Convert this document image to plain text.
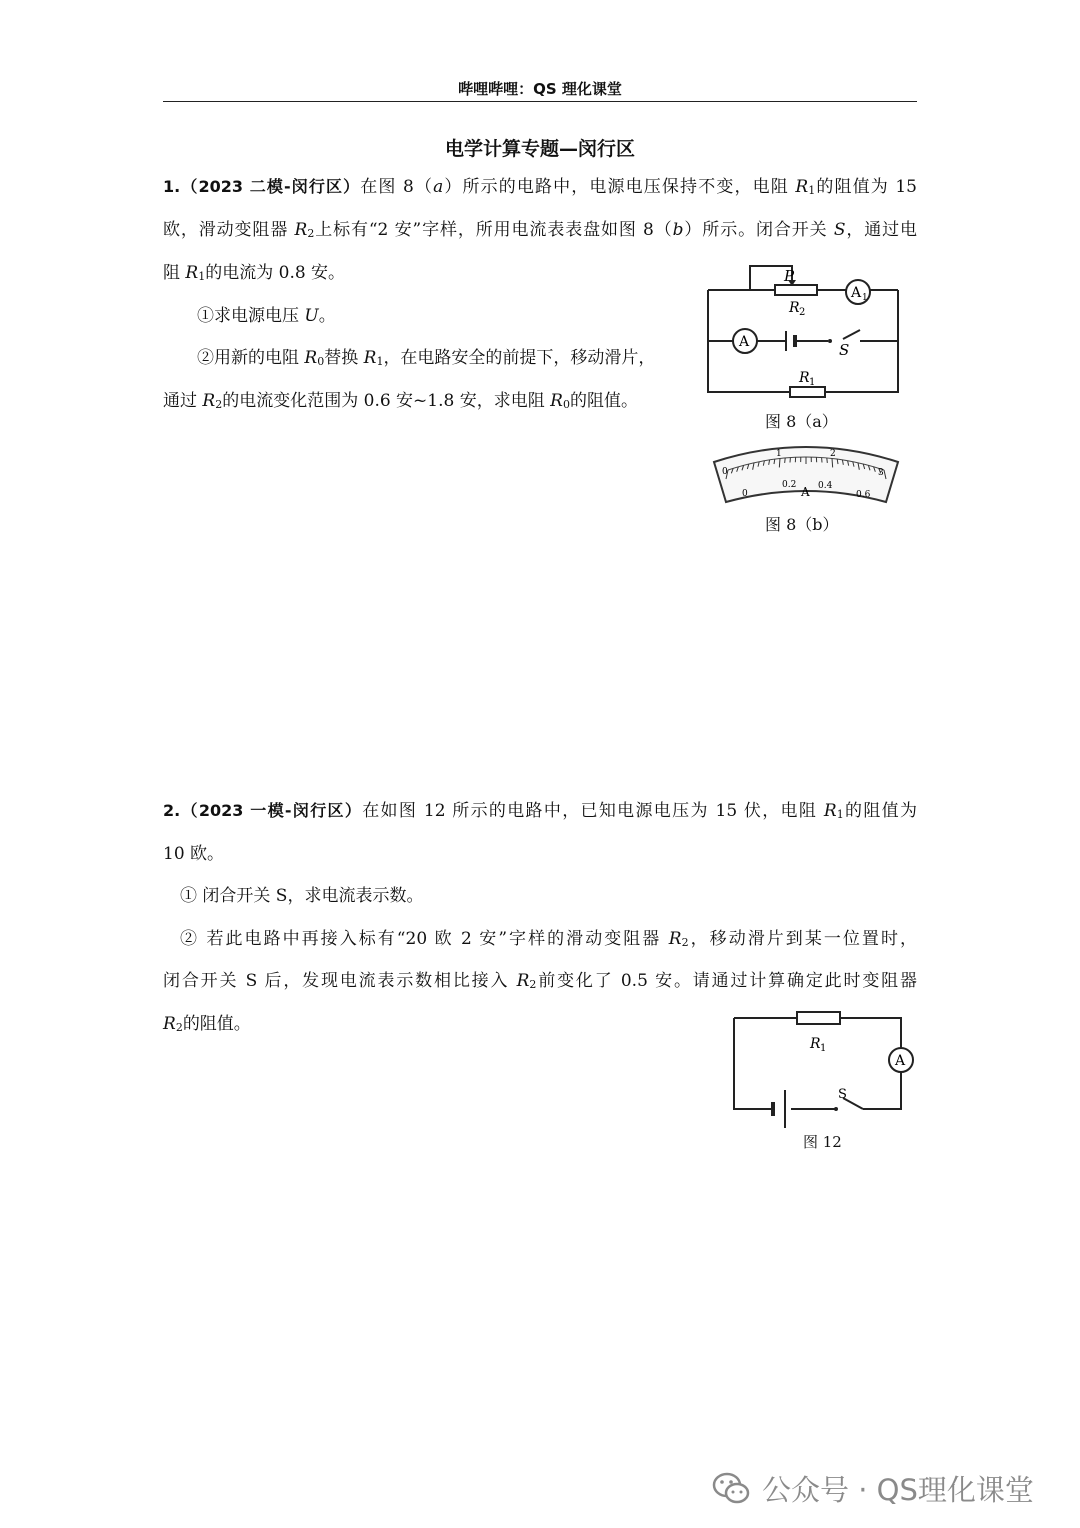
哔哩哔哩：QS 理化课堂
电学计算专题—闵行区
1.（2023 二模-闵行区）在图 8（a）所示的电路中，电源电压保持不变，电阻 $R_1$的阻值为 15
欧，滑动变阻器 $R_2$上标有“2 安”字样，所用电流表表盘如图 8（b）所示。闭合开关 S，通过电
阻 $R_1$的电流为 0.8 安。
①求电源电压 U。
②用新的电阻 $R_0$替换 $R_1$，在电路安全的前提下，移动滑片，
通过 $R_2$的电流变化范围为 0.6 安~1.8 安，求电阻 $R_0$的阻值。
P
R 2
A 1
A	S
R 1
图 8（a）
0
1	2
3
0
0.2 0.4
0.6
A
图 8（b）
2.（2023 一模-闵行区）在如图 12 所示的电路中，已知电源电压为 15 伏，电阻 $R_1$的阻值为
10 欧。
① 闭合开关 S，求电流表示数。
② 若此电路中再接入标有“20 欧 2 安”字样的滑动变阻器 $R_2$，移动滑片到某一位置时，
闭合开关 S 后，发现电流表示数相比接入 $R_2$前变化了 0.5 安。请通过计算确定此时变阻器
$R_2$的阻值。
R 1
A
S
图 12
公众号 · QS理化课堂
